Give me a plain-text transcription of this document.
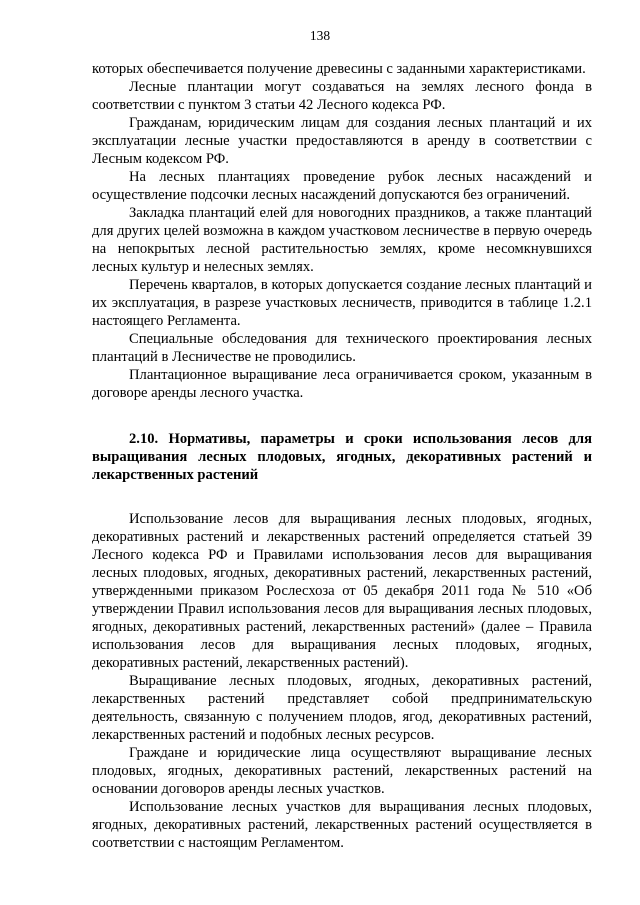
138

которых обеспечивается получение древесины с заданными характеристиками.

Лесные плантации могут создаваться на землях лесного фонда в соответствии с пунктом 3 статьи 42 Лесного кодекса РФ.

Гражданам, юридическим лицам для создания лесных плантаций и их эксплуатации лесные участки предоставляются в аренду в соответствии с Лесным кодексом РФ.

На лесных плантациях проведение рубок лесных насаждений и осуществление подсочки лесных насаждений допускаются без ограничений.

Закладка плантаций елей для новогодних праздников, а также плантаций для других целей возможна в каждом участковом лесничестве в первую очередь на непокрытых лесной растительностью землях, кроме несомкнувшихся лесных культур и нелесных землях.

Перечень кварталов, в которых допускается создание лесных плантаций и их эксплуатация, в разрезе участковых лесничеств, приводится в таблице 1.2.1 настоящего Регламента.

Специальные обследования для технического проектирования лесных плантаций в Лесничестве не проводились.

Плантационное выращивание леса ограничивается сроком, указанным в договоре аренды лесного участка.

2.10. Нормативы, параметры и сроки использования лесов для выращивания лесных плодовых, ягодных, декоративных растений и лекарственных растений

Использование лесов для выращивания лесных плодовых, ягодных, декоративных растений и лекарственных растений определяется статьей 39 Лесного кодекса РФ и Правилами использования лесов для выращивания лесных плодовых, ягодных, декоративных растений, лекарственных растений, утвержденными приказом Рослесхоза от 05 декабря 2011 года № 510 «Об утверждении Правил использования лесов для выращивания лесных плодовых, ягодных, декоративных растений, лекарственных растений» (далее – Правила использования лесов для выращивания лесных плодовых, ягодных, декоративных растений, лекарственных растений).

Выращивание лесных плодовых, ягодных, декоративных растений, лекарственных растений представляет собой предпринимательскую деятельность, связанную с получением плодов, ягод, декоративных растений, лекарственных растений и подобных лесных ресурсов.

Граждане и юридические лица осуществляют выращивание лесных плодовых, ягодных, декоративных растений, лекарственных растений на основании договоров аренды лесных участков.

Использование лесных участков для выращивания лесных плодовых, ягодных, декоративных растений, лекарственных растений осуществляется в соответствии с настоящим Регламентом.
